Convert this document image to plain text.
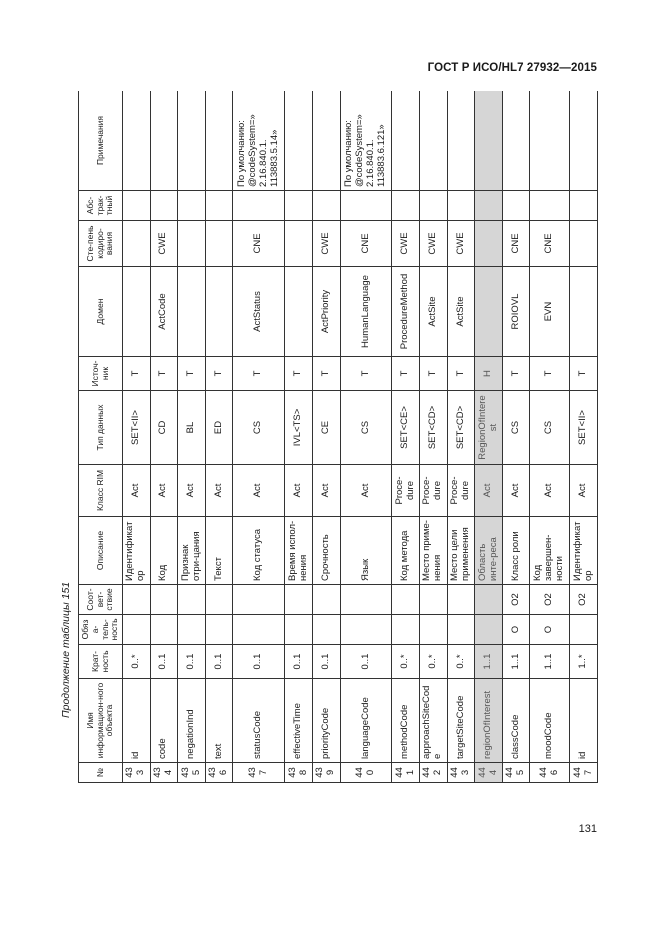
ГОСТ Р ИСО/HL7 27932—2015
Продолжение таблицы 151
№	Имя информацион-ного объекта	Крат-ность	Обяза-тель-ность	Соот-вет-ствие	Описание	Класс RIM	Тип данных	Источ-ник	Домен	Сте-пень кодиро-вания	Абс-трак-тный	Примечания
433	id	0..*			Идентификатор	Act	SET<II>	T				
434	code	0..1			Код	Act	CD	T	ActCode	CWE		
435	negationInd	0..1			Признак отри-цания	Act	BL	T				
436	text	0..1			Текст	Act	ED	T				
437	statusCode	0..1			Код статуса	Act	CS	T	ActStatus	CNE		По умолчанию: @codeSystem=» 2.16.840.1. 113883.5.14»
438	effectiveTime	0..1			Время испол-нения	Act	IVL<TS>	T				
439	priorityCode	0..1			Срочность	Act	CE	T	ActPriority	CWE		
440	languageCode	0..1			Язык	Act	CS	T	HumanLanguage	CNE		По умолчанию: @codeSystem=» 2.16.840.1. 113883.6.121»
441	methodCode	0..*			Код метода	Proce-dure	SET<CE>	T	ProcedureMethod	CWE		
442	approachSiteCode	0..*			Место приме-нения	Proce-dure	SET<CD>	T	ActSite	CWE		
443	targetSiteCode	0..*			Место цели применения	Proce-dure	SET<CD>	T	ActSite	CWE		
444	regionOfInterest	1..1			Область инте-реса	Act	RegionOfInterest	H				
445	classCode	1..1	O	O2	Класс роли	Act	CS	T	ROIOVL	CNE		
446	moodCode	1..1	O	O2	Код завершен-ности	Act	CS	T	EVN	CNE		
447	id	1..*		O2	Идентификатор	Act	SET<II>	T				
131
